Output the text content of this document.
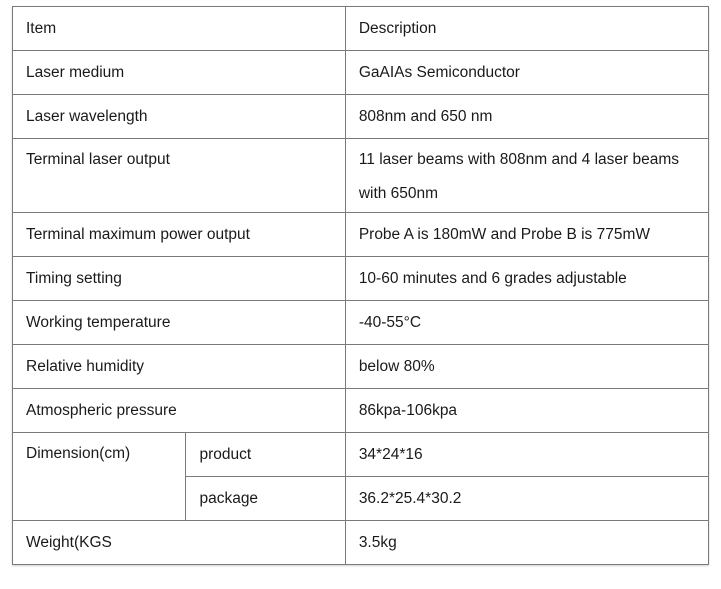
Item		Description
Laser medium		GaAIAs Semiconductor
Laser wavelength		808nm and 650 nm
Terminal laser output		11 laser beams with 808nm and 4 laser beams with 650nm
Terminal maximum power output		Probe A is 180mW and Probe B is 775mW
Timing setting		10-60 minutes and 6 grades adjustable
Working temperature		-40-55°C
Relative humidity		below 80%
Atmospheric pressure		86kpa-106kpa
Dimension(cm)	product	34*24*16
	package	36.2*25.4*30.2
Weight(KGS		3.5kg
